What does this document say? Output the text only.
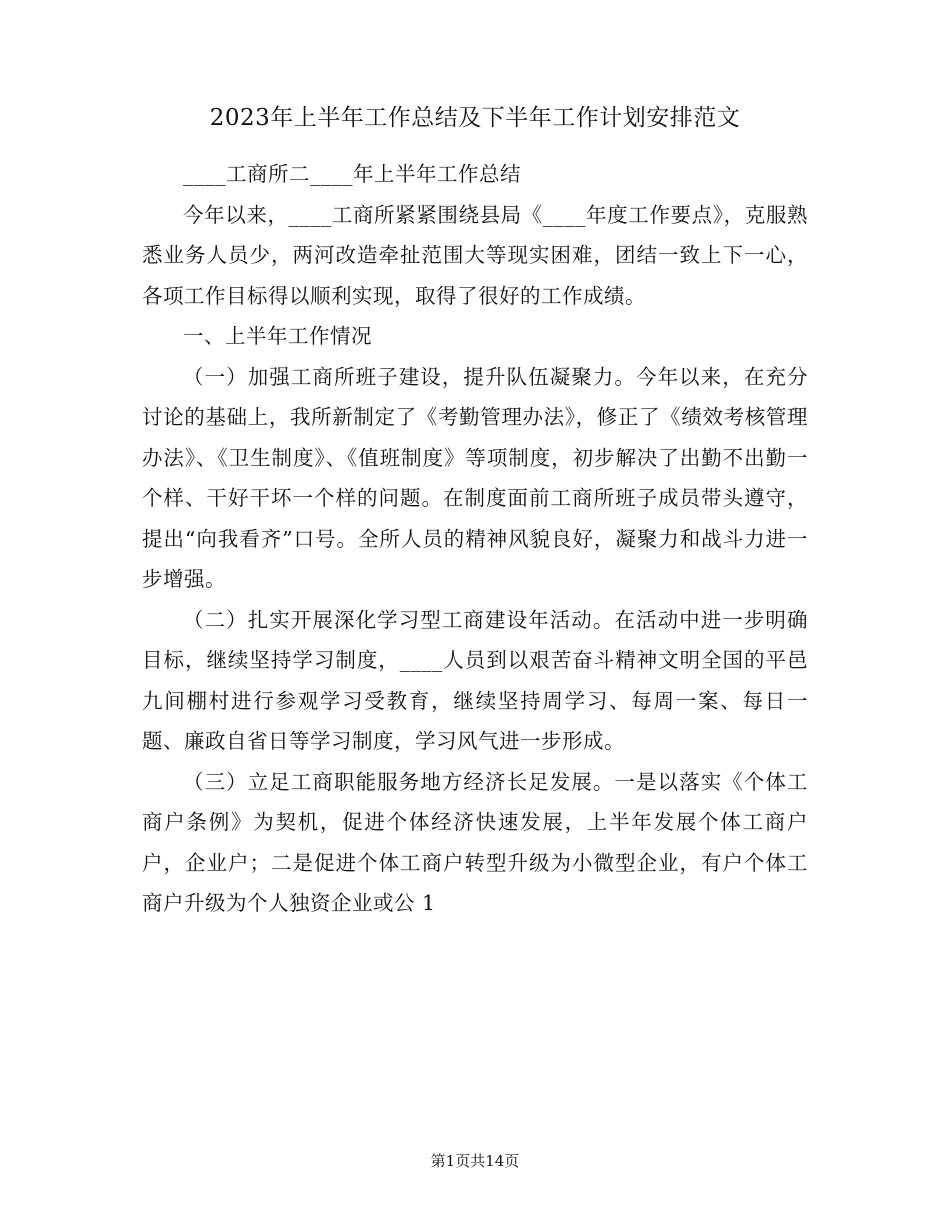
2023年上半年工作总结及下半年工作计划安排范文

____工商所二____年上半年工作总结

今年以来，____工商所紧紧围绕县局《____年度工作要点》，克服熟悉业务人员少，两河改造牵扯范围大等现实困难，团结一致上下一心，各项工作目标得以顺利实现，取得了很好的工作成绩。

一、上半年工作情况

（一）加强工商所班子建设，提升队伍凝聚力。今年以来，在充分讨论的基础上，我所新制定了《考勤管理办法》，修正了《绩效考核管理办法》、《卫生制度》、《值班制度》等项制度，初步解决了出勤不出勤一个样、干好干坏一个样的问题。在制度面前工商所班子成员带头遵守，提出“向我看齐”口号。全所人员的精神风貌良好，凝聚力和战斗力进一步增强。

（二）扎实开展深化学习型工商建设年活动。在活动中进一步明确目标，继续坚持学习制度，____人员到以艰苦奋斗精神文明全国的平邑九间棚村进行参观学习受教育，继续坚持周学习、每周一案、每日一题、廉政自省日等学习制度，学习风气进一步形成。

（三）立足工商职能服务地方经济长足发展。一是以落实《个体工商户条例》为契机，促进个体经济快速发展，上半年发展个体工商户户，企业户；二是促进个体工商户转型升级为小微型企业，有户个体工商户升级为个人独资企业或公 1

第1页共14页
